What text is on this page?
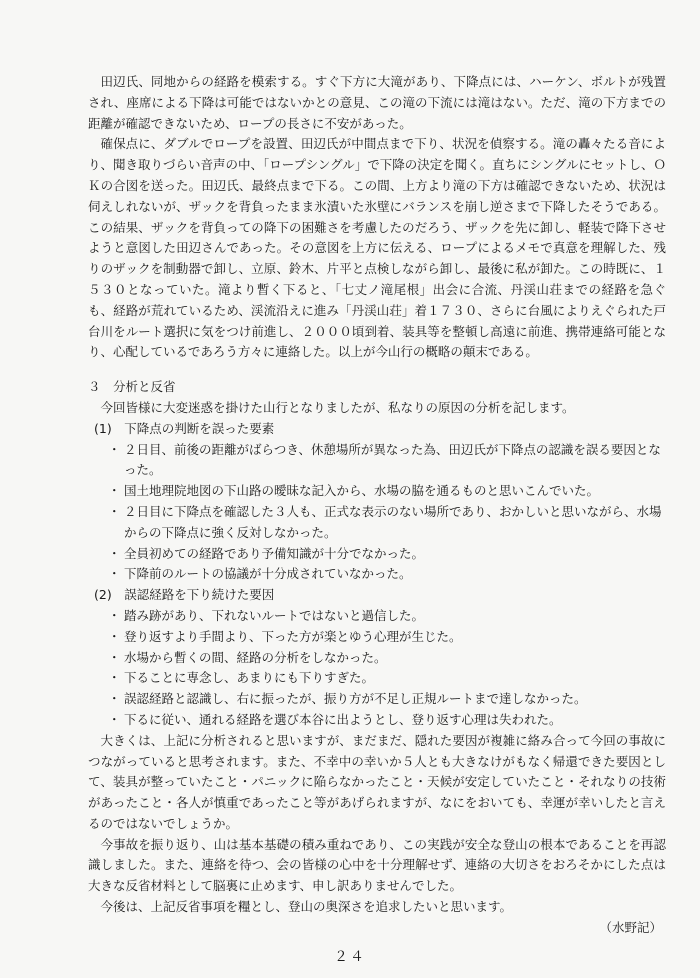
田辺氏、同地からの経路を模索する。すぐ下方に大滝があり、下降点には、ハーケン、ボルトが残置され、座席による下降は可能ではないかとの意見、この滝の下流には滝はない。ただ、滝の下方までの距離が確認できないため、ロープの長さに不安があった。

確保点に、ダブルでロープを設置、田辺氏が中間点まで下り、状況を偵察する。滝の轟々たる音により、聞き取りづらい音声の中、「ロープシングル」で下降の決定を聞く。直ちにシングルにセットし、ＯＫの合図を送った。田辺氏、最終点まで下る。この間、上方より滝の下方は確認できないため、状況は伺えしれないが、ザックを背負ったまま氷漬いた氷壁にバランスを崩し逆さまで下降したそうである。この結果、ザックを背負っての降下の困難さを考慮したのだろう、ザックを先に卸し、軽装で降下させようと意図した田辺さんであった。その意図を上方に伝える、ロープによるメモで真意を理解した、残りのザックを制動器で卸し、立原、鈴木、片平と点検しながら卸し、最後に私が卸た。この時既に、１５３０となっていた。滝より暫く下ると、「七丈ノ滝尾根」出会に合流、丹渓山荘までの経路を急ぐも、経路が荒れているため、渓流沿えに進み「丹渓山荘」着１７３０、さらに台風によりえぐられた戸台川をルート選択に気をつけ前進し、２０００頃到着、装具等を整頓し高遠に前進、携帯連絡可能となり、心配しているであろう方々に連絡した。以上が今山行の概略の顛末である。

３　分析と反省

今回皆様に大変迷惑を掛けた山行となりましたが、私なりの原因の分析を記します。

(1)　下降点の判断を誤った要素

・ ２日目、前後の距離がばらつき、休憩場所が異なった為、田辺氏が下降点の認識を誤る要因となった。
・ 国土地理院地図の下山路の曖昧な記入から、水場の脇を通るものと思いこんでいた。
・ ２日目に下降点を確認した３人も、正式な表示のない場所であり、おかしいと思いながら、水場からの下降点に強く反対しなかった。
・ 全員初めての経路であり予備知識が十分でなかった。
・ 下降前のルートの協議が十分成されていなかった。

(2)　誤認経路を下り続けた要因

・ 踏み跡があり、下れないルートではないと過信した。
・ 登り返すより手間より、下った方が楽とゆう心理が生じた。
・ 水場から暫くの間、経路の分析をしなかった。
・ 下ることに専念し、あまりにも下りすぎた。
・ 誤認経路と認識し、右に振ったが、振り方が不足し正規ルートまで達しなかった。
・ 下るに従い、通れる経路を選び本谷に出ようとし、登り返す心理は失われた。

大きくは、上記に分析されると思いますが、まだまだ、隠れた要因が複雑に絡み合って今回の事故につながっていると思考されます。また、不幸中の幸いか５人とも大きなけがもなく帰還できた要因として、装具が整っていたこと・パニックに陥らなかったこと・天候が安定していたこと・それなりの技術があったこと・各人が慎重であったこと等があげられますが、なにをおいても、幸運が幸いしたと言えるのではないでしょうか。

今事故を振り返り、山は基本基礎の積み重ねであり、この実践が安全な登山の根本であることを再認識しました。また、連絡を待つ、会の皆様の心中を十分理解せず、連絡の大切さをおろそかにした点は大きな反省材料として脳裏に止めます、申し訳ありませんでした。

今後は、上記反省事項を糧とし、登山の奥深さを追求したいと思います。

（水野記）

２４
